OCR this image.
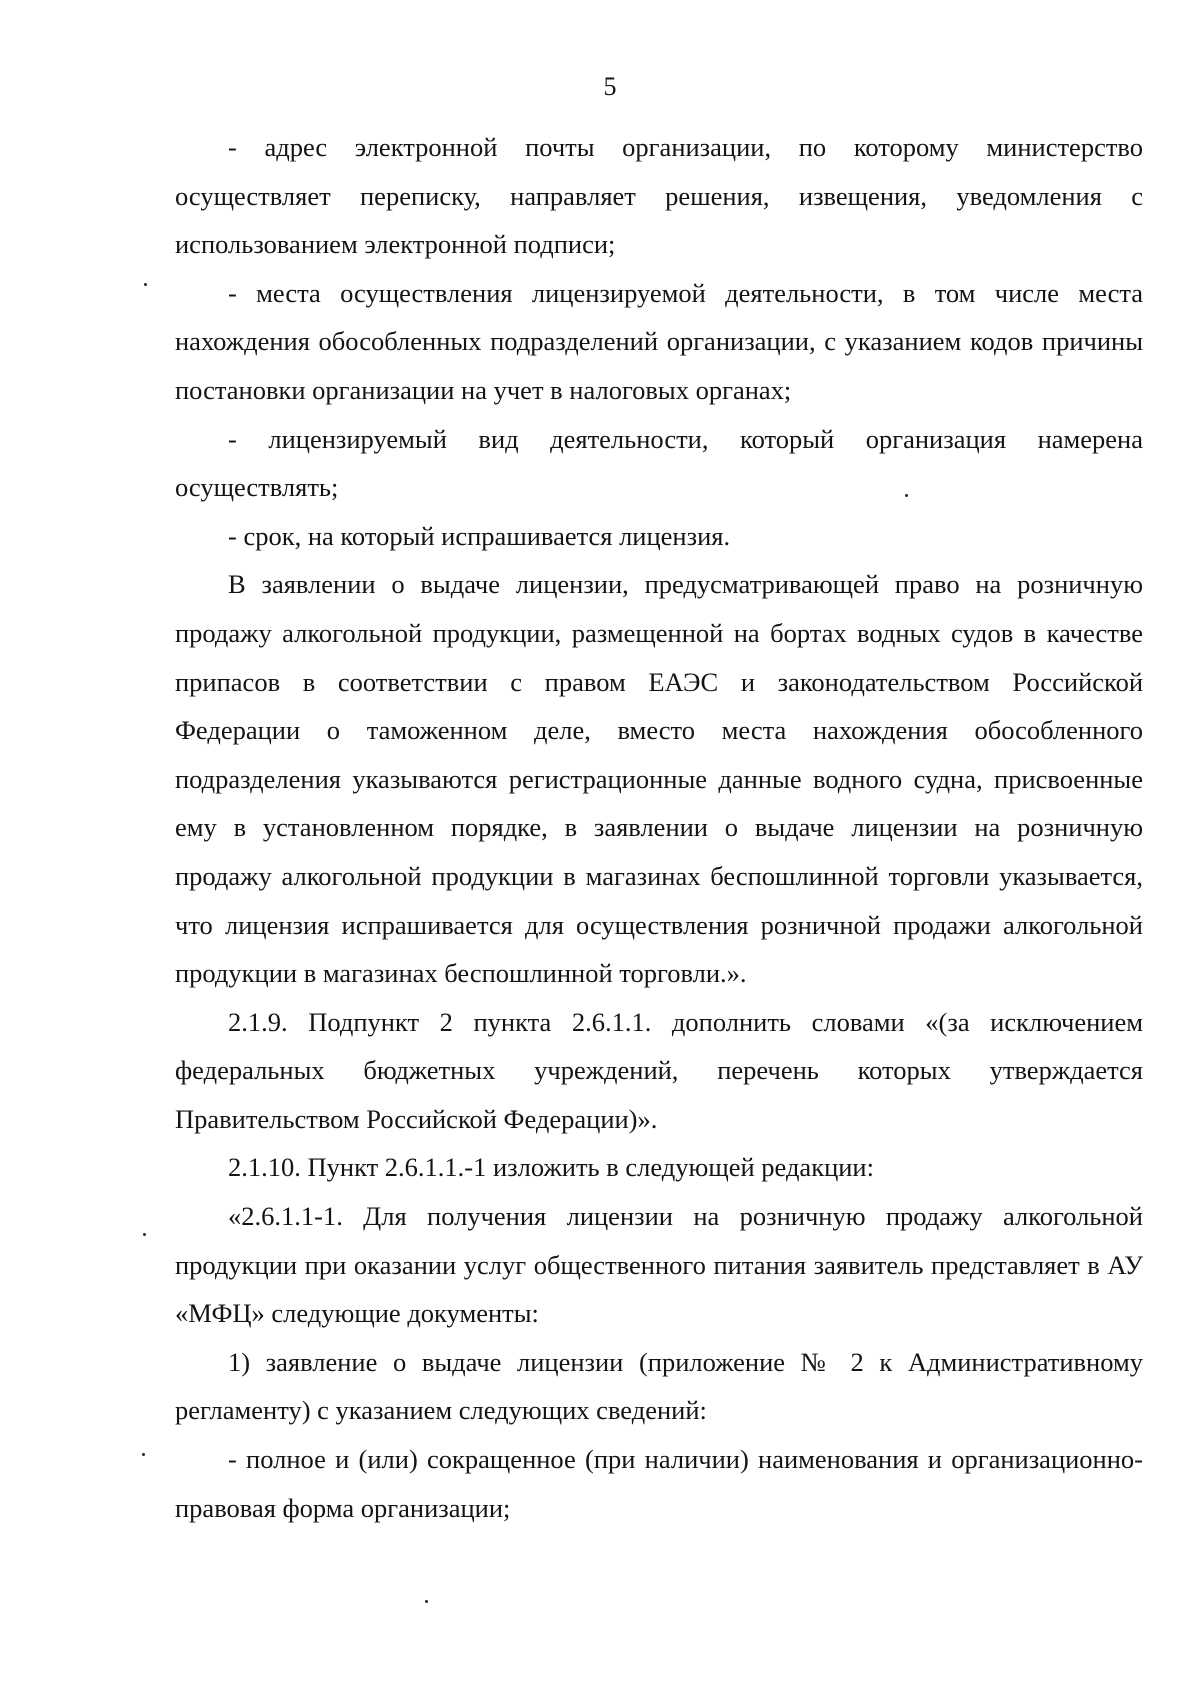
5

- адрес электронной почты организации, по которому министерство осуществляет переписку, направляет решения, извещения, уведомления с использованием электронной подписи;

- места осуществления лицензируемой деятельности, в том числе места нахождения обособленных подразделений организации, с указанием кодов причины постановки организации на учет в налоговых органах;

- лицензируемый вид деятельности, который организация намерена осуществлять;

- срок, на который испрашивается лицензия.

В заявлении о выдаче лицензии, предусматривающей право на розничную продажу алкогольной продукции, размещенной на бортах водных судов в качестве припасов в соответствии с правом ЕАЭС и законодательством Российской Федерации о таможенном деле, вместо места нахождения обособленного подразделения указываются регистрационные данные водного судна, присвоенные ему в установленном порядке, в заявлении о выдаче лицензии на розничную продажу алкогольной продукции в магазинах беспошлинной торговли указывается, что лицензия испрашивается для осуществления розничной продажи алкогольной продукции в магазинах беспошлинной торговли.».

2.1.9. Подпункт 2 пункта 2.6.1.1. дополнить словами «(за исключением федеральных бюджетных учреждений, перечень которых утверждается Правительством Российской Федерации)».

2.1.10. Пункт 2.6.1.1.-1 изложить в следующей редакции:

«2.6.1.1-1. Для получения лицензии на розничную продажу алкогольной продукции при оказании услуг общественного питания заявитель представляет в АУ «МФЦ» следующие документы:

1) заявление о выдаче лицензии (приложение № 2 к Административному регламенту) с указанием следующих сведений:

- полное и (или) сокращенное (при наличии) наименования и организационно-правовая форма организации;
